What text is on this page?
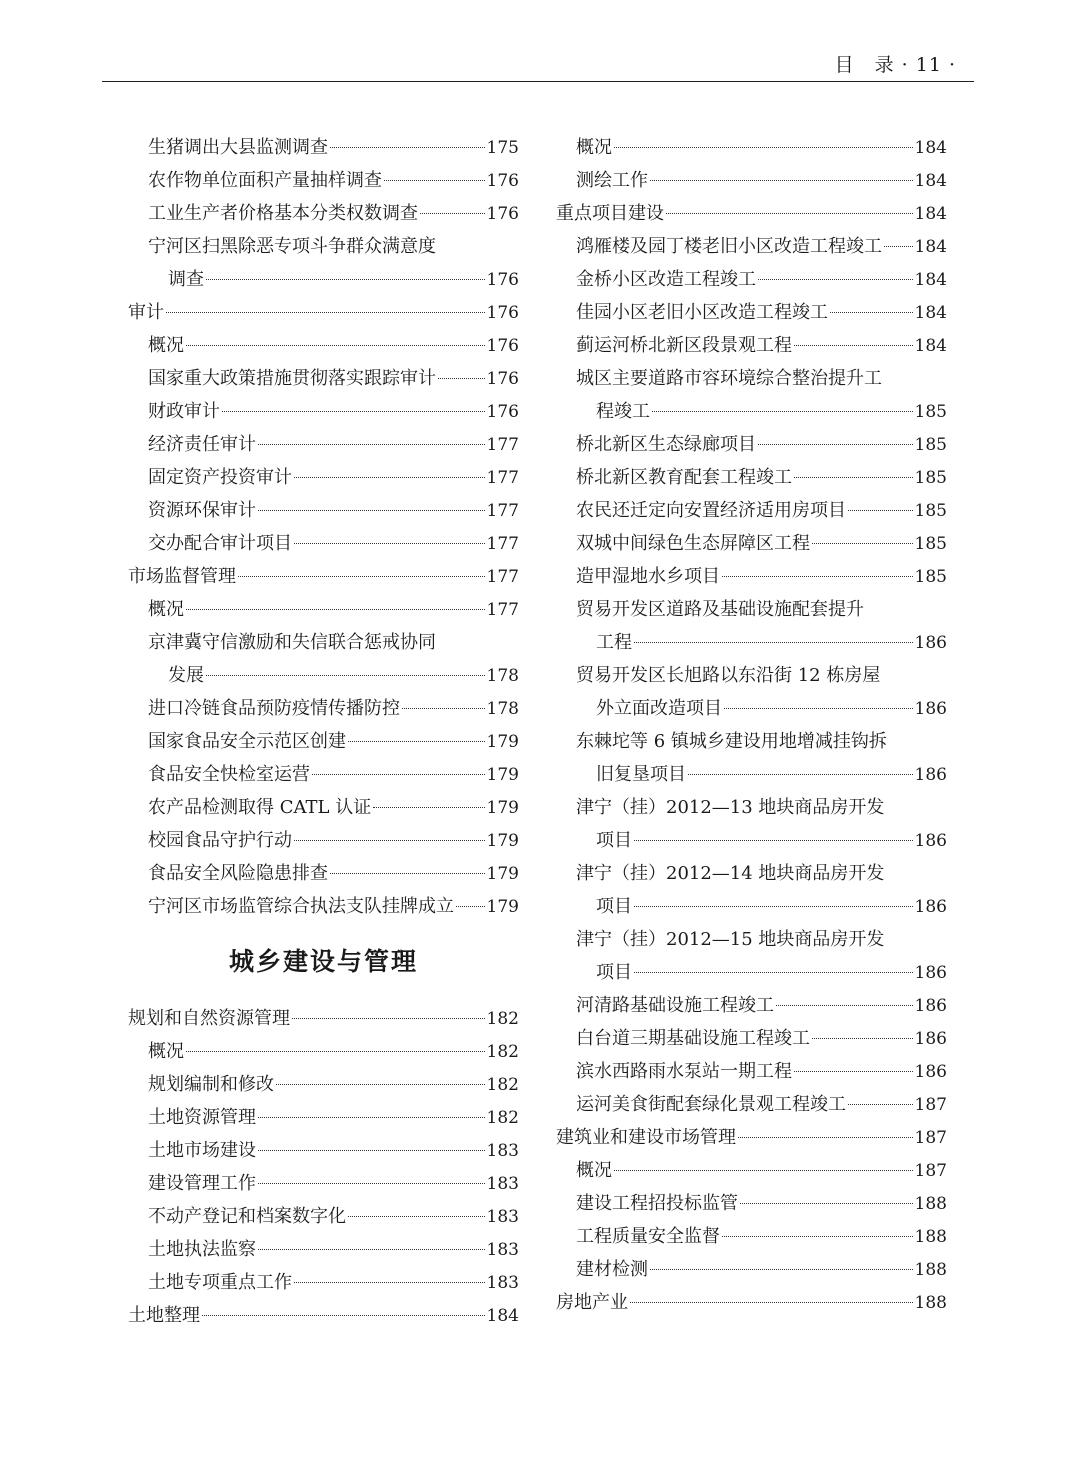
目　录 · 11 ·
生猪调出大县监测调查	175
农作物单位面积产量抽样调查	176
工业生产者价格基本分类权数调查	176
宁河区扫黑除恶专项斗争群众满意度
调查	176
审计	176
概况	176
国家重大政策措施贯彻落实跟踪审计	176
财政审计	176
经济责任审计	177
固定资产投资审计	177
资源环保审计	177
交办配合审计项目	177
市场监督管理	177
概况	177
京津冀守信激励和失信联合惩戒协同
发展	178
进口冷链食品预防疫情传播防控	178
国家食品安全示范区创建	179
食品安全快检室运营	179
农产品检测取得 CATL 认证	179
校园食品守护行动	179
食品安全风险隐患排查	179
宁河区市场监管综合执法支队挂牌成立 179
规划和自然资源管理	182
概况	182
规划编制和修改	182
土地资源管理	182
土地市场建设	183
建设管理工作	183
不动产登记和档案数字化	183
土地执法监察	183
土地专项重点工作	183
土地整理	184
城乡建设与管理
概况	184
测绘工作	184
重点项目建设	184
鸿雁楼及园丁楼老旧小区改造工程竣工 184
金桥小区改造工程竣工	184
佳园小区老旧小区改造工程竣工	184
蓟运河桥北新区段景观工程	184
城区主要道路市容环境综合整治提升工
程竣工	185
桥北新区生态绿廊项目	185
桥北新区教育配套工程竣工	185
农民还迁定向安置经济适用房项目	185
双城中间绿色生态屏障区工程	185
造甲湿地水乡项目	185
贸易开发区道路及基础设施配套提升
工程	186
贸易开发区长旭路以东沿街 12 栋房屋
外立面改造项目	186
东棘坨等 6 镇城乡建设用地增减挂钩拆
旧复垦项目	186
津宁（挂）2012—13 地块商品房开发
项目	186
津宁（挂）2012—14 地块商品房开发
项目	186
津宁（挂）2012—15 地块商品房开发
项目	186
河清路基础设施工程竣工	186
白台道三期基础设施工程竣工	186
滨水西路雨水泵站一期工程	186
运河美食街配套绿化景观工程竣工	187
建筑业和建设市场管理	187
概况	187
建设工程招投标监管	188
工程质量安全监督	188
建材检测	188
房地产业	188
